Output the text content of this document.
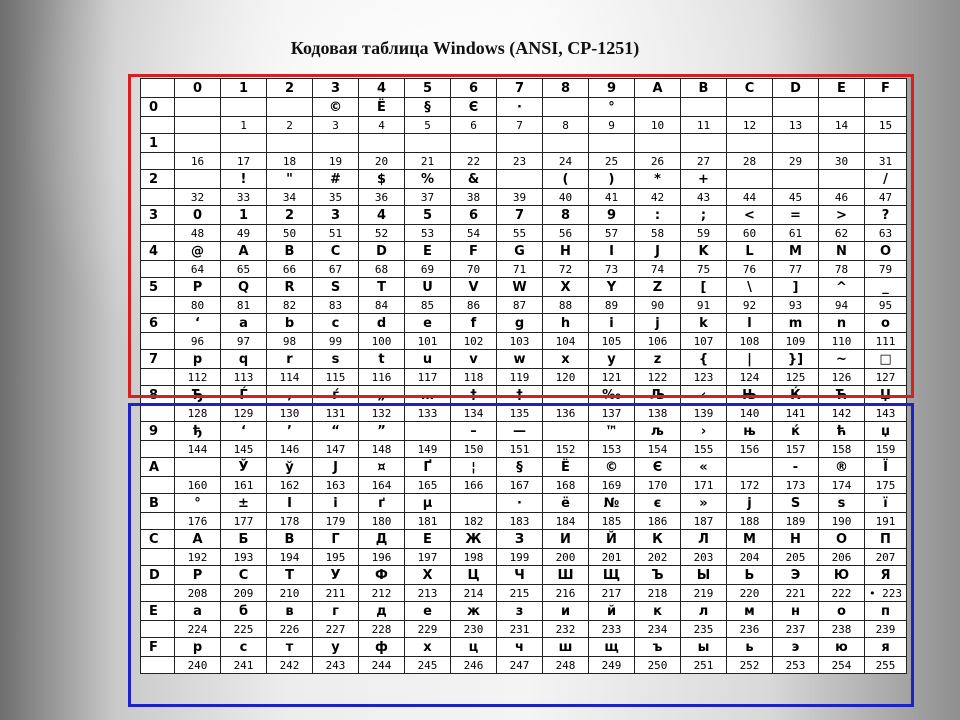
Кодовая таблица Windows (ANSI, CP-1251)
	0	1	2	3	4	5	6	7	8	9	A	B	C	D	E	F
0				©	Ё	§	Є	·		°						
		1	2	3	4	5	6	7	8	9	10	11	12	13	14	15
1																
	16	17	18	19	20	21	22	23	24	25	26	27	28	29	30	31
2		!	"	#	$	%	&		(	)	*	+				/
	32	33	34	35	36	37	38	39	40	41	42	43	44	45	46	47
3	0	1	2	3	4	5	6	7	8	9	:	;	<	=	>	?
	48	49	50	51	52	53	54	55	56	57	58	59	60	61	62	63
4	@	A	B	C	D	E	F	G	H	I	J	K	L	M	N	O
	64	65	66	67	68	69	70	71	72	73	74	75	76	77	78	79
5	P	Q	R	S	T	U	V	W	X	Y	Z	[	\	]	^	_
	80	81	82	83	84	85	86	87	88	89	90	91	92	93	94	95
6	‘	a	b	c	d	e	f	g	h	i	j	k	l	m	n	o
	96	97	98	99	100	101	102	103	104	105	106	107	108	109	110	111
7	p	q	r	s	t	u	v	w	x	y	z	{	|	}]	~	□
	112	113	114	115	116	117	118	119	120	121	122	123	124	125	126	127
8	Ђ	Ѓ	‚	ѓ	„	…	†	‡		‰	Љ	‹	Њ	Ќ	Ћ	Џ
	128	129	130	131	132	133	134	135	136	137	138	139	140	141	142	143
9	ђ	‘	’	“	”		–	—		™	љ	›	њ	ќ	ћ	џ
	144	145	146	147	148	149	150	151	152	153	154	155	156	157	158	159
A		Ў	ў	Ј	¤	Ґ	¦	§	Ё	©	Є	«		-	®	Ї
	160	161	162	163	164	165	166	167	168	169	170	171	172	173	174	175
B	°	±	І	і	ґ	µ		·	ё	№	є	»	j	S	s	ї
	176	177	178	179	180	181	182	183	184	185	186	187	188	189	190	191
C	А	Б	В	Г	Д	Е	Ж	З	И	Й	К	Л	М	Н	О	П
	192	193	194	195	196	197	198	199	200	201	202	203	204	205	206	207
D	Р	С	Т	У	Ф	Х	Ц	Ч	Ш	Щ	Ъ	Ы	Ь	Э	Ю	Я
	208	209	210	211	212	213	214	215	216	217	218	219	220	221	222	• 223
E	а	б	в	г	д	е	ж	з	и	й	к	л	м	н	о	п
	224	225	226	227	228	229	230	231	232	233	234	235	236	237	238	239
F	р	с	т	у	ф	х	ц	ч	ш	щ	ъ	ы	ь	э	ю	я
	240	241	242	243	244	245	246	247	248	249	250	251	252	253	254	255
